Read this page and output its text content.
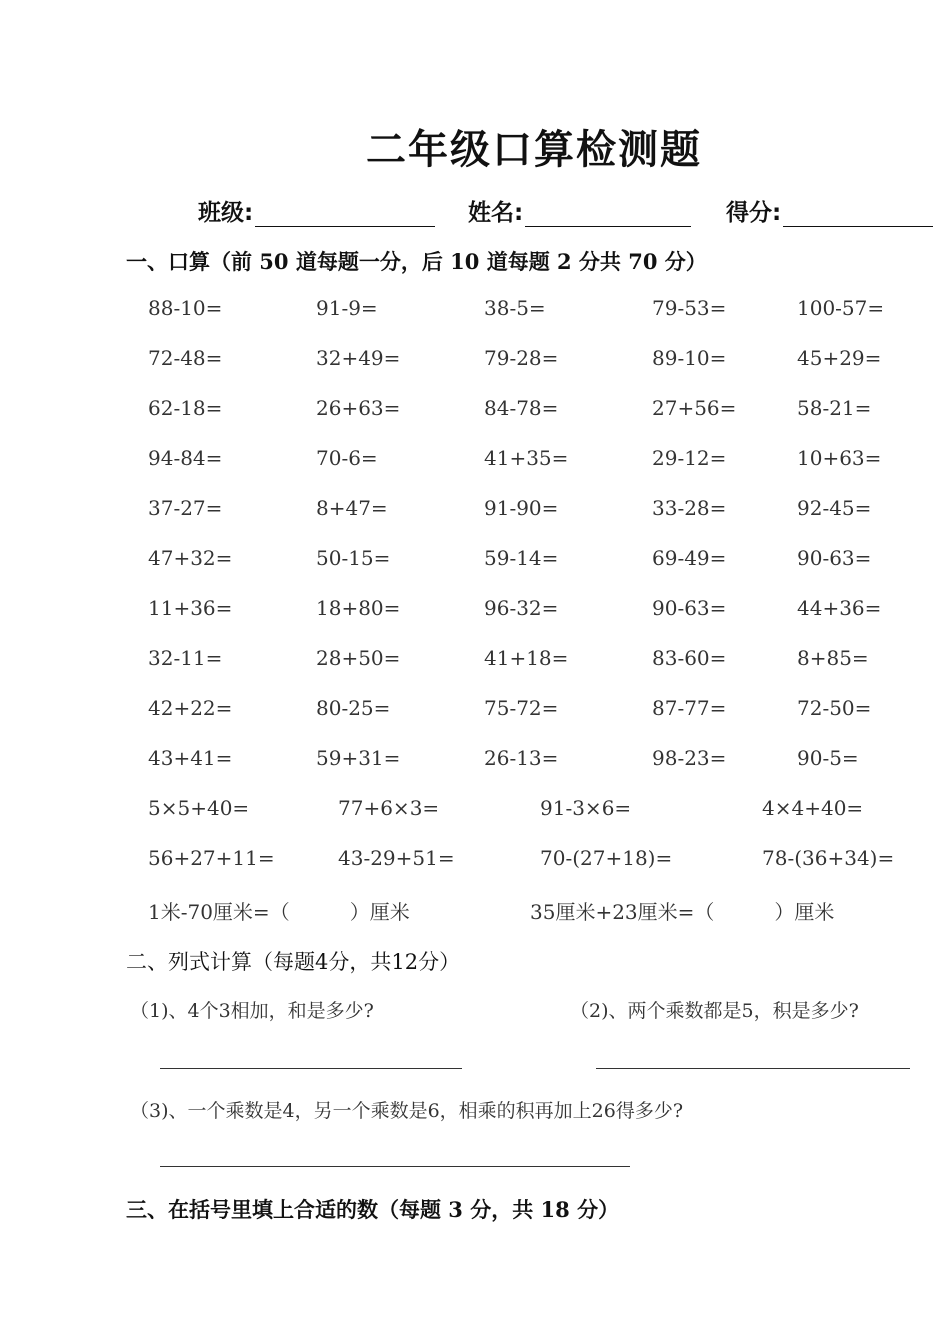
二年级口算检测题
班级:	姓名:	得分:
一、口算（前 50 道每题一分，后 10 道每题 2 分共 70 分）
88-10=	91-9=	38-5=	79-53=	100-57=
72-48=	32+49=	79-28=	89-10=	45+29=
62-18=	26+63=	84-78=	27+56=	58-21=
94-84=	70-6=	41+35=	29-12=	10+63=
37-27=	8+47=	91-90=	33-28=	92-45=
47+32=	50-15=	59-14=	69-49=	90-63=
11+36=	18+80=	96-32=	90-63=	44+36=
32-11=	28+50=	41+18=	83-60=	8+85=
42+22=	80-25=	75-72=	87-77=	72-50=
43+41=	59+31=	26-13=	98-23=	90-5=
5×5+40=	77+6×3=	91-3×6=	4×4+40=
56+27+11=	43-29+51=	70-(27+18)=	78-(36+34)=
1米-70厘米=（　　　）厘米	35厘米+23厘米=（　　　）厘米
二、列式计算（每题4分，共12分）
（1)、4个3相加，和是多少?	（2)、两个乘数都是5，积是多少?
（3)、一个乘数是4，另一个乘数是6，相乘的积再加上26得多少?
三、在括号里填上合适的数（每题 3 分，共 18 分）
